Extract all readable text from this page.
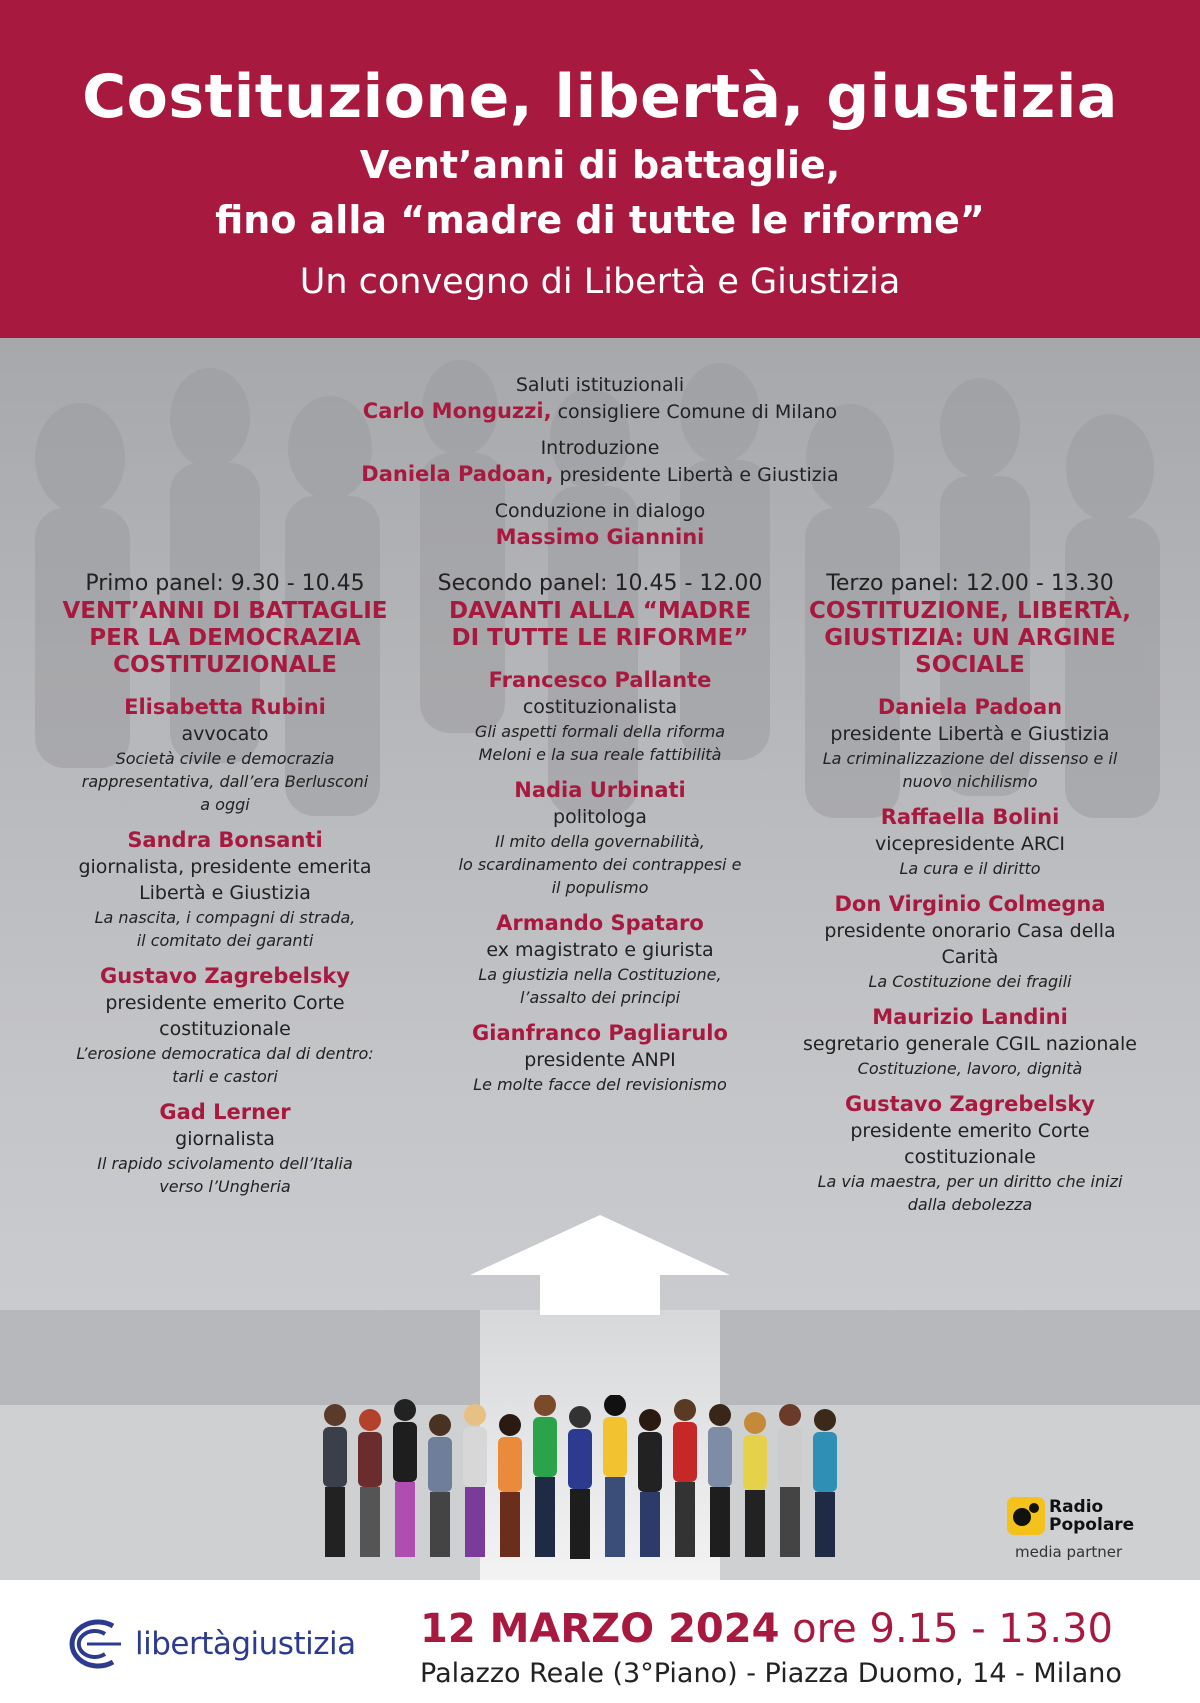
Costituzione, libertà, giustizia
Vent’anni di battaglie,
fino alla “madre di tutte le riforme”
Un convegno di Libertà e Giustizia
Saluti istituzionali
Carlo Monguzzi, consigliere Comune di Milano
Introduzione
Daniela Padoan, presidente Libertà e Giustizia
Conduzione in dialogo
Massimo Giannini
Primo panel: 9.30 - 10.45
VENT’ANNI DI BATTAGLIE
PER LA DEMOCRAZIA
COSTITUZIONALE
Elisabetta Rubini
avvocato
Società civile e democrazia
rappresentativa, dall’era Berlusconi
a oggi
Sandra Bonsanti
giornalista, presidente emerita
Libertà e Giustizia
La nascita, i compagni di strada,
il comitato dei garanti
Gustavo Zagrebelsky
presidente emerito Corte
costituzionale
L’erosione democratica dal di dentro:
tarli e castori
Gad Lerner
giornalista
Il rapido scivolamento dell’Italia
verso l’Ungheria
Secondo panel: 10.45 - 12.00
DAVANTI ALLA “MADRE
DI TUTTE LE RIFORME”
Francesco Pallante
costituzionalista
Gli aspetti formali della riforma
Meloni e la sua reale fattibilità
Nadia Urbinati
politologa
Il mito della governabilità,
lo scardinamento dei contrappesi e
il populismo
Armando Spataro
ex magistrato e giurista
La giustizia nella Costituzione,
l’assalto dei principi
Gianfranco Pagliarulo
presidente ANPI
Le molte facce del revisionismo
Terzo panel: 12.00 - 13.30
COSTITUZIONE, LIBERTÀ,
GIUSTIZIA: UN ARGINE
SOCIALE
Daniela Padoan
presidente Libertà e Giustizia
La criminalizzazione del dissenso e il
nuovo nichilismo
Raffaella Bolini
vicepresidente ARCI
La cura e il diritto
Don Virginio Colmegna
presidente onorario Casa della
Carità
La Costituzione dei fragili
Maurizio Landini
segretario generale CGIL nazionale
Costituzione, lavoro, dignità
Gustavo Zagrebelsky
presidente emerito Corte
costituzionale
La via maestra, per un diritto che inizi
dalla debolezza
Radio
Popolare
media partner
libertàgiustizia 12 MARZO 2024 ore 9.15 - 13.30
Palazzo Reale (3°Piano) - Piazza Duomo, 14 - Milano
